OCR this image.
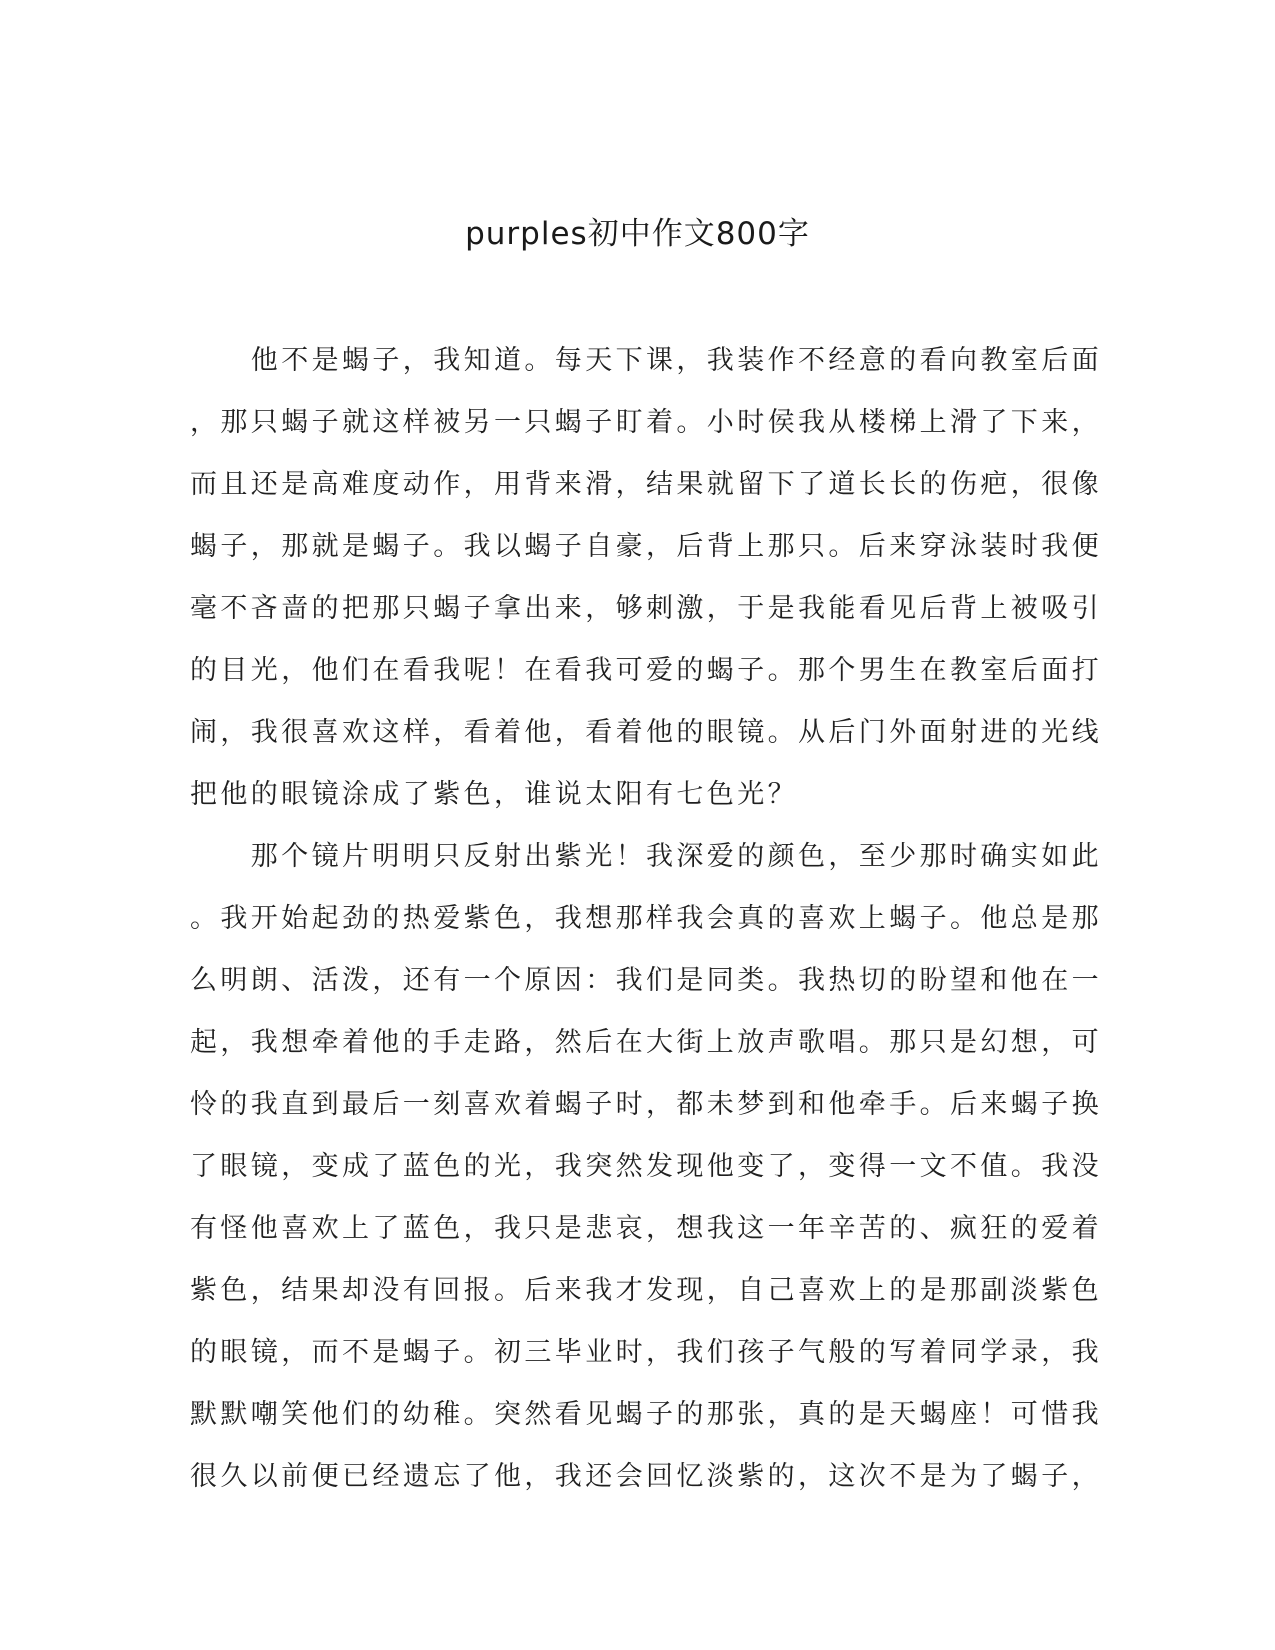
purples初中作文800字
　　他不是蝎子，我知道。每天下课，我装作不经意的看向教室后面
，那只蝎子就这样被另一只蝎子盯着。小时侯我从楼梯上滑了下来，
而且还是高难度动作，用背来滑，结果就留下了道长长的伤疤，很像
蝎子，那就是蝎子。我以蝎子自豪，后背上那只。后来穿泳装时我便
毫不吝啬的把那只蝎子拿出来，够刺激，于是我能看见后背上被吸引
的目光，他们在看我呢！在看我可爱的蝎子。那个男生在教室后面打
闹，我很喜欢这样，看着他，看着他的眼镜。从后门外面射进的光线
把他的眼镜涂成了紫色，谁说太阳有七色光？
　　那个镜片明明只反射出紫光！我深爱的颜色，至少那时确实如此
。我开始起劲的热爱紫色，我想那样我会真的喜欢上蝎子。他总是那
么明朗、活泼，还有一个原因：我们是同类。我热切的盼望和他在一
起，我想牵着他的手走路，然后在大街上放声歌唱。那只是幻想，可
怜的我直到最后一刻喜欢着蝎子时，都未梦到和他牵手。后来蝎子换
了眼镜，变成了蓝色的光，我突然发现他变了，变得一文不值。我没
有怪他喜欢上了蓝色，我只是悲哀，想我这一年辛苦的、疯狂的爱着
紫色，结果却没有回报。后来我才发现，自己喜欢上的是那副淡紫色
的眼镜，而不是蝎子。初三毕业时，我们孩子气般的写着同学录，我
默默嘲笑他们的幼稚。突然看见蝎子的那张，真的是天蝎座！可惜我
很久以前便已经遗忘了他，我还会回忆淡紫的，这次不是为了蝎子，
